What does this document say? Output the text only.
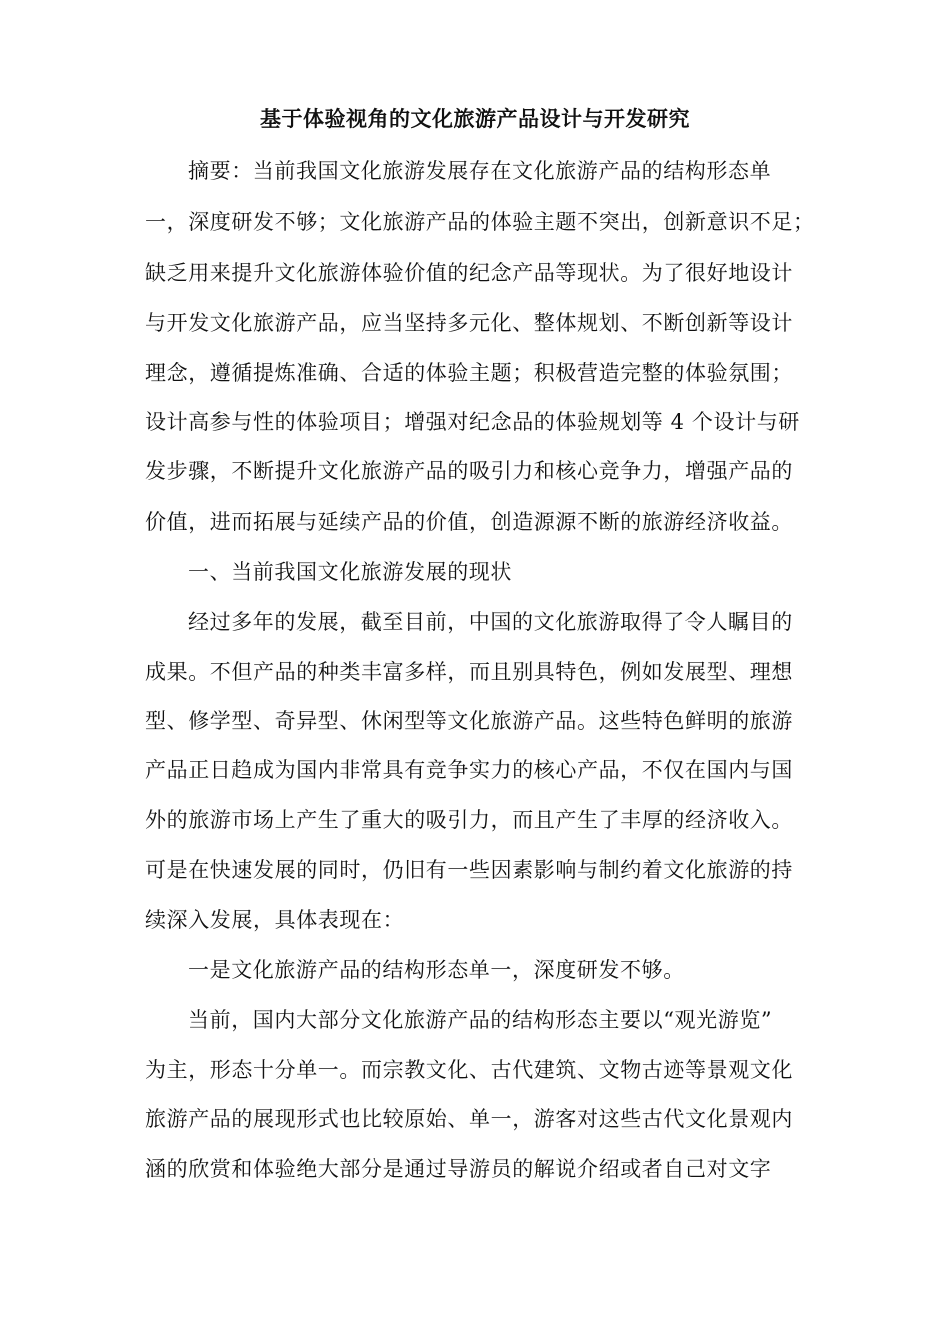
基于体验视角的文化旅游产品设计与开发研究
摘要：当前我国文化旅游发展存在文化旅游产品的结构形态单
一，深度研发不够；文化旅游产品的体验主题不突出，创新意识不足；
缺乏用来提升文化旅游体验价值的纪念产品等现状。为了很好地设计
与开发文化旅游产品，应当坚持多元化、整体规划、不断创新等设计
理念，遵循提炼准确、合适的体验主题；积极营造完整的体验氛围；
设计高参与性的体验项目；增强对纪念品的体验规划等 4 个设计与研
发步骤，不断提升文化旅游产品的吸引力和核心竞争力，增强产品的
价值，进而拓展与延续产品的价值，创造源源不断的旅游经济收益。
一、当前我国文化旅游发展的现状
经过多年的发展，截至目前，中国的文化旅游取得了令人瞩目的
成果。不但产品的种类丰富多样，而且别具特色，例如发展型、理想
型、修学型、奇异型、休闲型等文化旅游产品。这些特色鲜明的旅游
产品正日趋成为国内非常具有竞争实力的核心产品，不仅在国内与国
外的旅游市场上产生了重大的吸引力，而且产生了丰厚的经济收入。
可是在快速发展的同时，仍旧有一些因素影响与制约着文化旅游的持
续深入发展，具体表现在：
一是文化旅游产品的结构形态单一，深度研发不够。
当前，国内大部分文化旅游产品的结构形态主要以“观光游览”
为主，形态十分单一。而宗教文化、古代建筑、文物古迹等景观文化
旅游产品的展现形式也比较原始、单一，游客对这些古代文化景观内
涵的欣赏和体验绝大部分是通过导游员的解说介绍或者自己对文字
